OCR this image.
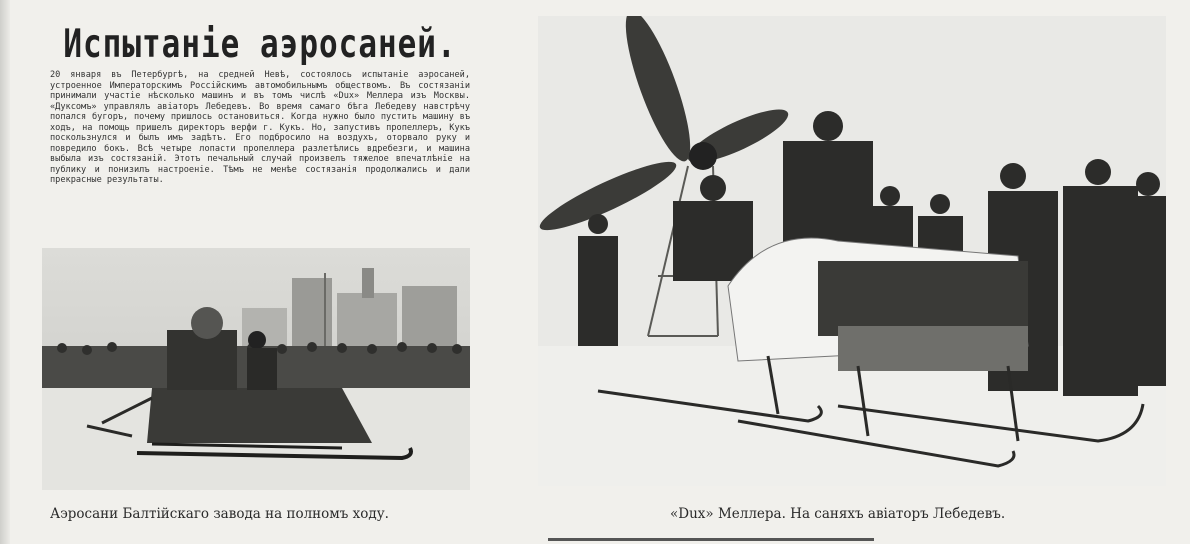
Испытаніе аэросаней.
20 января въ Петербургѣ, на средней Невѣ, состоялось испытаніе аэросаней, устроенное Императорскимъ Россійскимъ автомобильнымъ обществомъ. Въ состязаніи принимали участіе нѣсколько машинъ и въ томъ числѣ «Dux» Меллера изъ Москвы. «Дуксомъ» управлялъ авіаторъ Лебедевъ. Во время самаго бѣга Лебедеву навстрѣчу попался бугоръ, почему пришлось остановиться. Когда нужно было пустить машину въ ходъ, на помощь пришелъ директоръ верфи г. Кукъ. Но, запустивъ пропеллеръ, Кукъ поскользнулся и былъ имъ задѣтъ. Его подбросило на воздухъ, оторвало руку и повредило бокъ. Всѣ четыре лопасти пропеллера разлетѣлись вдребезги, и машина выбыла изъ состязаній. Этотъ печальный случай произвелъ тяжелое впечатлѣніе на публику и понизилъ настроеніе. Тѣмъ не менѣе состязанія продолжались и дали прекрасные результаты.
Аэросани Балтійскаго завода на полномъ ходу.	«Dux» Меллера. На саняхъ авіаторъ Лебедевъ.
